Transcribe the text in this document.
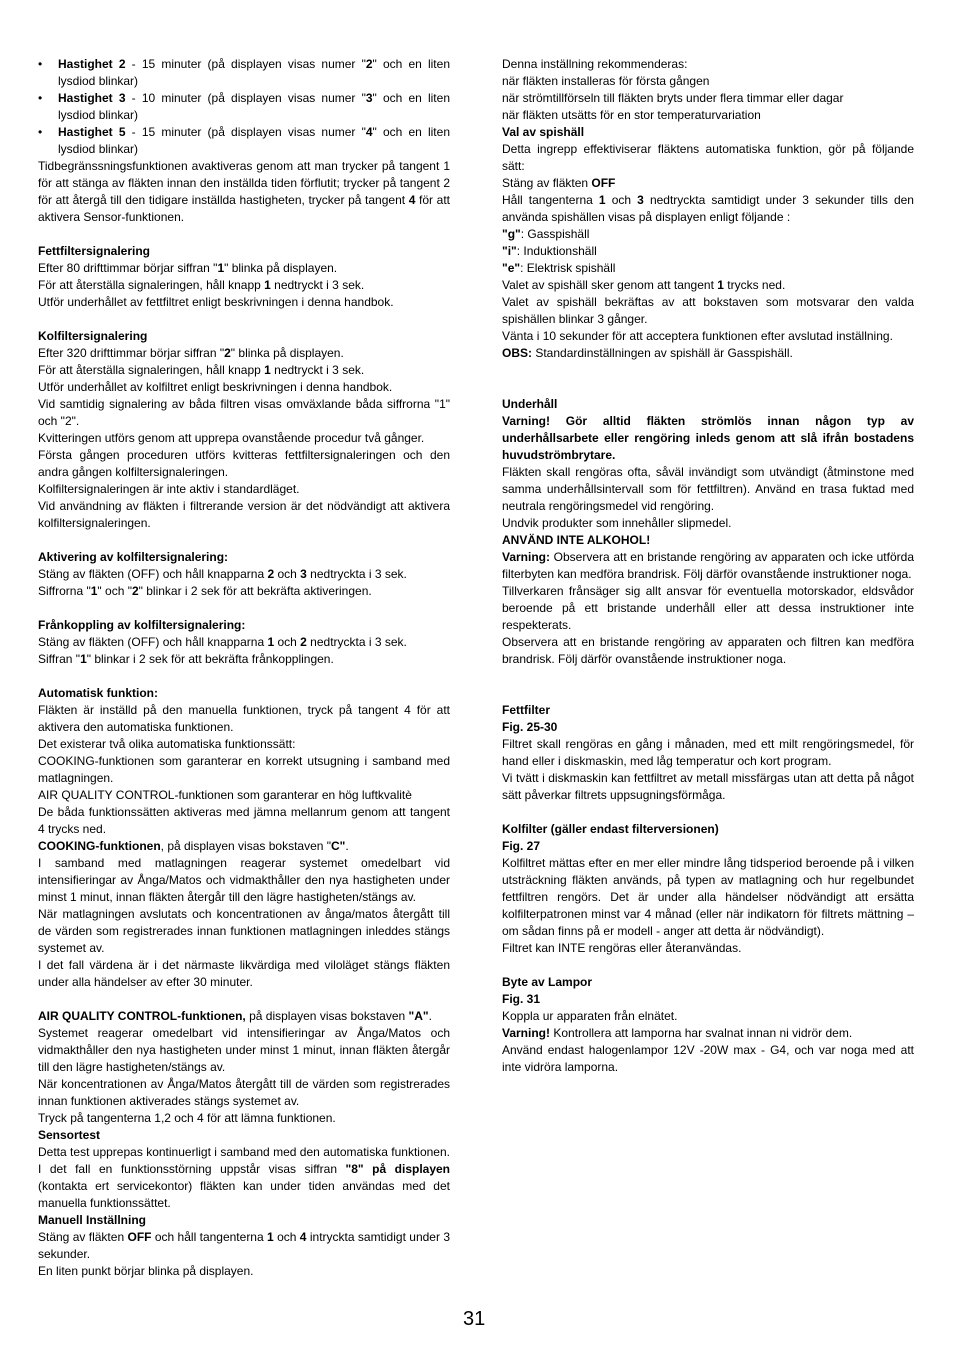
• Hastighet 2 - 15 minuter (på displayen visas numer "2" och en liten lysdiod blinkar)
• Hastighet 3 - 10 minuter (på displayen visas numer "3" och en liten lysdiod blinkar)
• Hastighet 5 - 15 minuter (på displayen visas numer "4" och en liten lysdiod blinkar)

Tidbegränssningsfunktionen avaktiveras genom att man trycker på tangent 1 för att stänga av fläkten innan den inställda tiden förflutit; trycker på tangent 2 för att återgå till den tidigare inställda hastigheten, trycker på tangent 4 för att aktivera Sensor-funktionen.

Fettfiltersignalering

Efter 80 drifttimmar börjar siffran "1" blinka på displayen.

För att återställa signaleringen, håll knapp 1 nedtryckt i 3 sek.

Utför underhållet av fettfiltret enligt beskrivningen i denna handbok.

Kolfiltersignalering

Efter 320 drifttimmar börjar siffran "2" blinka på displayen.

För att återställa signaleringen, håll knapp 1 nedtryckt i 3 sek.

Utför underhållet av kolfiltret enligt beskrivningen i denna handbok.

Vid samtidig signalering av båda filtren visas omväxlande båda siffrorna "1" och "2".

Kvitteringen utförs genom att upprepa ovanstående procedur två gånger.

Första gången proceduren utförs kvitteras fettfiltersignaleringen och den andra gången kolfiltersignaleringen.

Kolfiltersignaleringen är inte aktiv i standardläget.

Vid användning av fläkten i filtrerande version är det nödvändigt att aktivera kolfiltersignaleringen.

Aktivering av kolfiltersignalering:

Stäng av fläkten (OFF) och håll knapparna 2 och 3 nedtryckta i 3 sek.

Siffrorna "1" och "2" blinkar i 2 sek för att bekräfta aktiveringen.

Frånkoppling av kolfiltersignalering:

Stäng av fläkten (OFF) och håll knapparna 1 och 2 nedtryckta i 3 sek.

Siffran "1" blinkar i 2 sek för att bekräfta frånkopplingen.

Automatisk funktion:

Fläkten är inställd på den manuella funktionen, tryck på tangent 4 för att aktivera den automatiska funktionen.

Det existerar två olika automatiska funktionssätt:

COOKING-funktionen som garanterar en korrekt utsugning i samband med matlagningen.

AIR QUALITY CONTROL-funktionen som garanterar en hög luftkvalitè

De båda funktionssätten aktiveras med jämna mellanrum genom att tangent 4 trycks ned.

COOKING-funktionen, på displayen visas bokstaven "C".

I samband med matlagningen reagerar systemet omedelbart vid intensifieringar av Ånga/Matos och vidmakthåller den nya hastigheten under minst 1 minut, innan fläkten återgår till den lägre hastigheten/stängs av.

När matlagningen avslutats och koncentrationen av ånga/matos återgått till de värden som registrerades innan funktionen matlagningen inleddes stängs systemet av.

I det fall värdena är i det närmaste likvärdiga med viloläget stängs fläkten under alla händelser av efter 30 minuter.

AIR QUALITY CONTROL-funktionen, på displayen visas bokstaven "A".

Systemet reagerar omedelbart vid intensifieringar av Ånga/Matos och vidmakthåller den nya hastigheten under minst 1 minut, innan fläkten återgår till den lägre hastigheten/stängs av.

När koncentrationen av Ånga/Matos återgått till de värden som registrerades innan funktionen aktiverades stängs systemet av.

Tryck på tangenterna 1,2 och 4 för att lämna funktionen.

Sensortest

Detta test upprepas kontinuerligt i samband med den automatiska funktionen. I det fall en funktionsstörning uppstår visas siffran "8" på displayen (kontakta ert servicekontor) fläkten kan under tiden användas med det manuella funktionssättet.

Manuell Inställning

Stäng av fläkten OFF och håll tangenterna 1 och 4 intryckta samtidigt under 3 sekunder.

En liten punkt börjar blinka på displayen.

Denna inställning rekommenderas:

när fläkten installeras för första gången

när strömtillförseln till fläkten bryts under flera timmar eller dagar

när fläkten utsätts för en stor temperaturvariation

Val av spishäll

Detta ingrepp effektiviserar fläktens automatiska funktion, gör på följande sätt:

Stäng av fläkten OFF

Håll tangenterna 1 och 3 nedtryckta samtidigt under 3 sekunder tills den använda spishällen visas på displayen enligt följande :

"g": Gasspishäll

"i": Induktionshäll

"e": Elektrisk spishäll

Valet av spishäll sker genom att tangent 1 trycks ned.

Valet av spishäll bekräftas av att bokstaven som motsvarar den valda spishällen blinkar 3 gånger.

Vänta i 10 sekunder för att acceptera funktionen efter avslutad inställning.

OBS: Standardinställningen av spishäll är Gasspishäll.

Underhåll

Varning! Gör alltid fläkten strömlös innan någon typ av underhållsarbete eller rengöring inleds genom att slå ifrån bostadens huvudströmbrytare.

Fläkten skall rengöras ofta, såväl invändigt som utvändigt (åtminstone med samma underhållsintervall som för fettfiltren). Använd en trasa fuktad med neutrala rengöringsmedel vid rengöring.

Undvik produkter som innehåller slipmedel.

ANVÄND INTE ALKOHOL!

Varning: Observera att en bristande rengöring av apparaten och icke utförda filterbyten kan medföra brandrisk. Följ därför ovanstående instruktioner noga.

Tillverkaren frånsäger sig allt ansvar för eventuella motorskador, eldsvådor beroende på ett bristande underhåll eller att dessa instruktioner inte respekterats.

Observera att en bristande rengöring av apparaten och filtren kan medföra brandrisk. Följ därför ovanstående instruktioner noga.

Fettfilter

Fig. 25-30

Filtret skall rengöras en gång i månaden, med ett milt rengöringsmedel, för hand eller i diskmaskin, med låg temperatur och kort program.

Vi tvätt i diskmaskin kan fettfiltret av metall missfärgas utan att detta på något sätt påverkar filtrets uppsugningsförmåga.

Kolfilter (gäller endast filterversionen)

Fig. 27

Kolfiltret mättas efter en mer eller mindre lång tidsperiod beroende på i vilken utsträckning fläkten används, på typen av matlagning och hur regelbundet fettfiltren rengörs. Det är under alla händelser nödvändigt att ersätta kolfilterpatronen minst var 4 månad (eller när indikatorn för filtrets mättning – om sådan finns på er modell - anger att detta är nödvändigt).

Filtret kan INTE rengöras eller återanvändas.

Byte av Lampor

Fig. 31

Koppla ur apparaten från elnätet.

Varning! Kontrollera att lamporna har svalnat innan ni vidrör dem.

Använd endast halogenlampor 12V -20W max - G4, och var noga med att inte vidröra lamporna.

31
